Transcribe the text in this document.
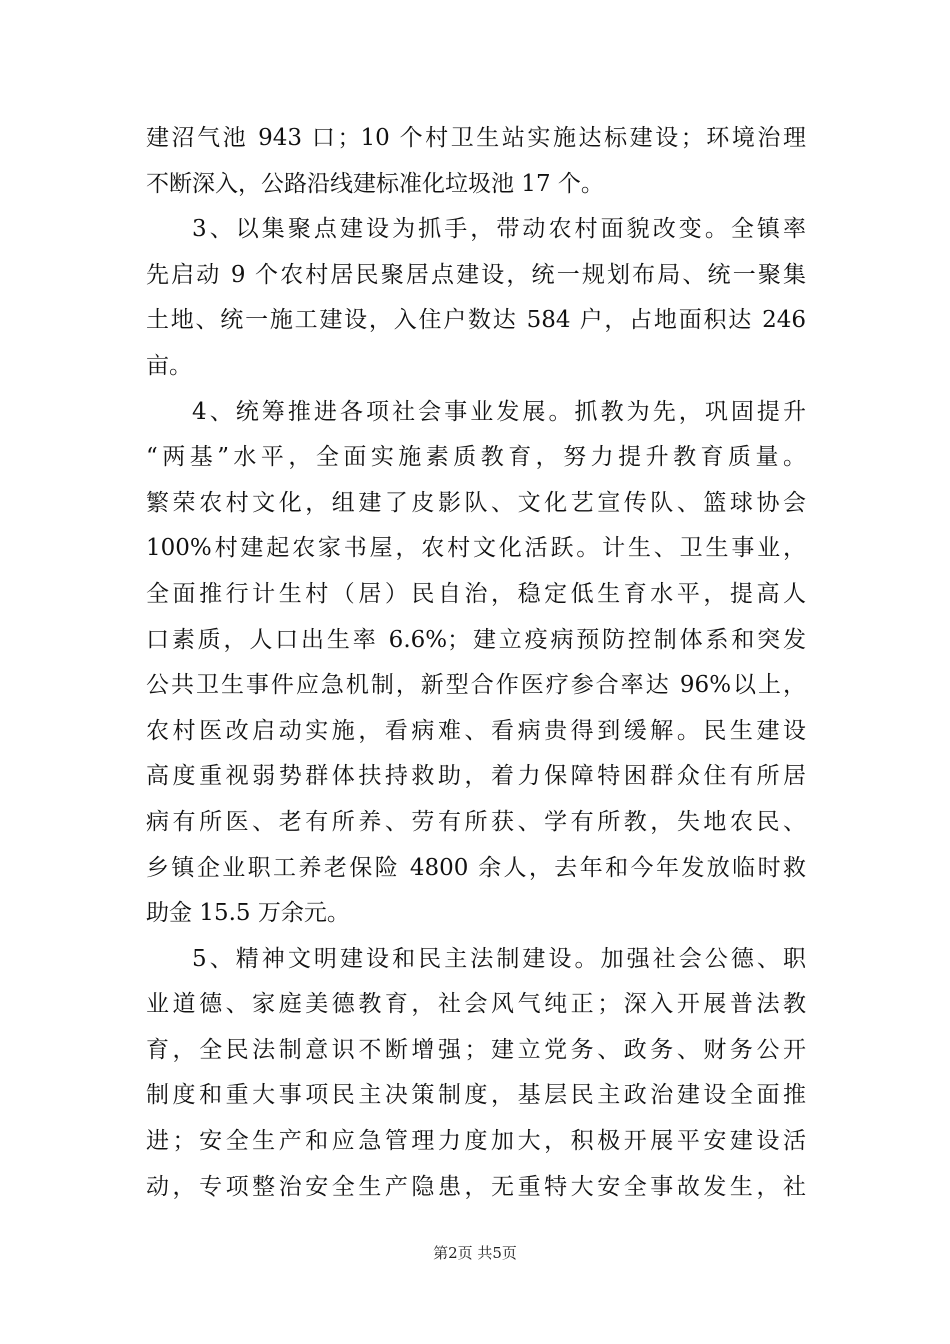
建沼气池 943 口；10 个村卫生站实施达标建设；环境治理
不断深入，公路沿线建标准化垃圾池 17 个。
3、以集聚点建设为抓手，带动农村面貌改变。全镇率
先启动 9 个农村居民聚居点建设，统一规划布局、统一聚集
土地、统一施工建设，入住户数达 584 户，占地面积达 246
亩。
4、统筹推进各项社会事业发展。抓教为先，巩固提升
“两基”水平，全面实施素质教育，努力提升教育质量。
繁荣农村文化，组建了皮影队、文化艺宣传队、篮球协会
100%村建起农家书屋，农村文化活跃。计生、卫生事业，
全面推行计生村（居）民自治，稳定低生育水平，提高人
口素质，人口出生率 6.6%；建立疫病预防控制体系和突发
公共卫生事件应急机制，新型合作医疗参合率达 96%以上，
农村医改启动实施，看病难、看病贵得到缓解。民生建设
高度重视弱势群体扶持救助，着力保障特困群众住有所居
病有所医、老有所养、劳有所获、学有所教，失地农民、
乡镇企业职工养老保险 4800 余人，去年和今年发放临时救
助金 15.5 万余元。
5、精神文明建设和民主法制建设。加强社会公德、职
业道德、家庭美德教育，社会风气纯正；深入开展普法教
育，全民法制意识不断增强；建立党务、政务、财务公开
制度和重大事项民主决策制度，基层民主政治建设全面推
进；安全生产和应急管理力度加大，积极开展平安建设活
动，专项整治安全生产隐患，无重特大安全事故发生，社
第2页 共5页
